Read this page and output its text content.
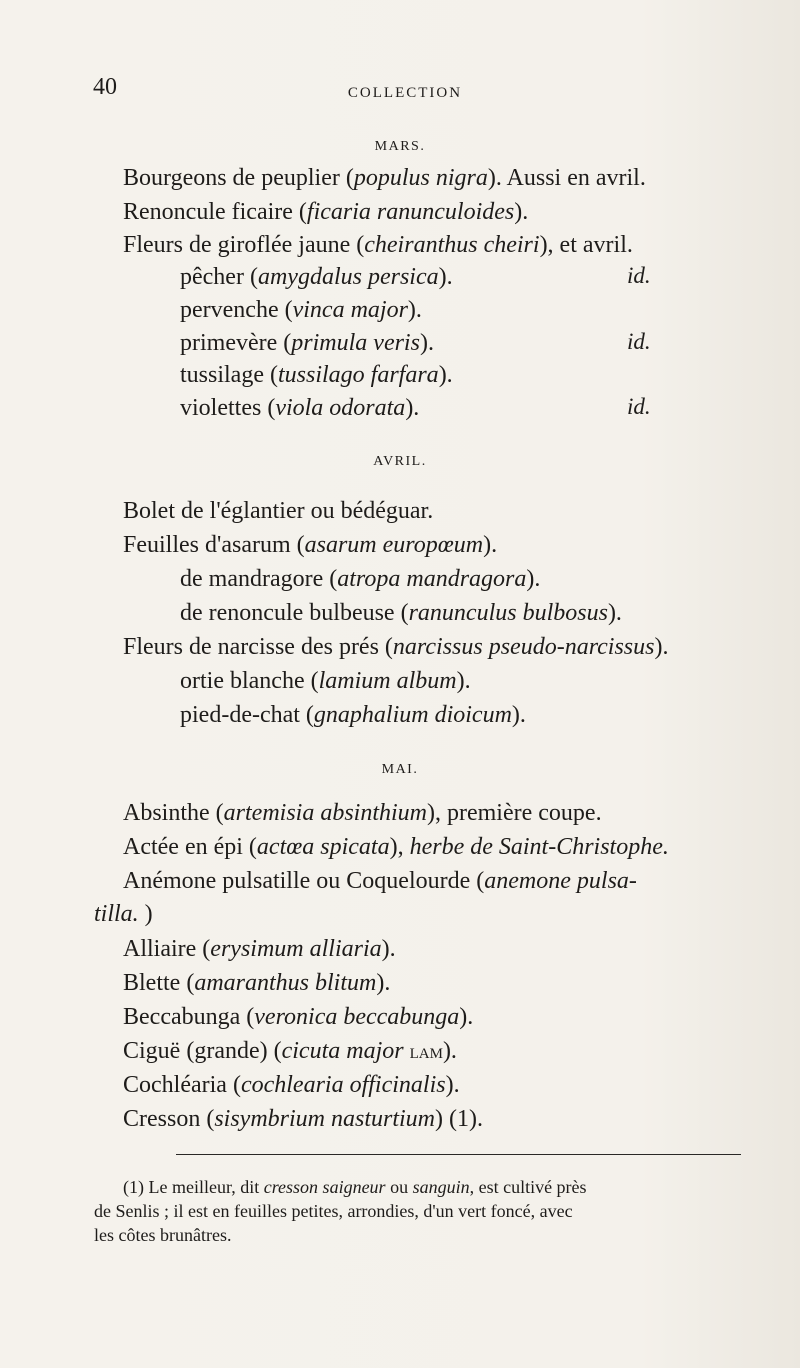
40	COLLECTION
MARS.
Bourgeons de peuplier (populus nigra). Aussi en avril.
Renoncule ficaire (ficaria ranunculoides).
Fleurs de giroflée jaune (cheiranthus cheiri), et avril.
pêcher (amygdalus persica).	id.
pervenche (vinca major).
primevère (primula veris).	id.
tussilage (tussilago farfara).
violettes (viola odorata).	id.
AVRIL.
Bolet de l'églantier ou bédéguar.
Feuilles d'asarum (asarum europœum).
de mandragore (atropa mandragora).
de renoncule bulbeuse (ranunculus bulbosus).
Fleurs de narcisse des prés (narcissus pseudo-narcissus).
ortie blanche (lamium album).
pied-de-chat (gnaphalium dioicum).
MAI.
Absinthe (artemisia absinthium), première coupe.
Actée en épi (actœa spicata), herbe de Saint-Christophe.
Anémone pulsatille ou Coquelourde (anemone pulsa-
tilla. )
Alliaire (erysimum alliaria).
Blette (amaranthus blitum).
Beccabunga (veronica beccabunga).
Ciguë (grande) (cicuta major lam).
Cochléaria (cochlearia officinalis).
Cresson (sisymbrium nasturtium) (1).
(1) Le meilleur, dit cresson saigneur ou sanguin, est cultivé près
de Senlis ; il est en feuilles petites, arrondies, d'un vert foncé, avec
les côtes brunâtres.
